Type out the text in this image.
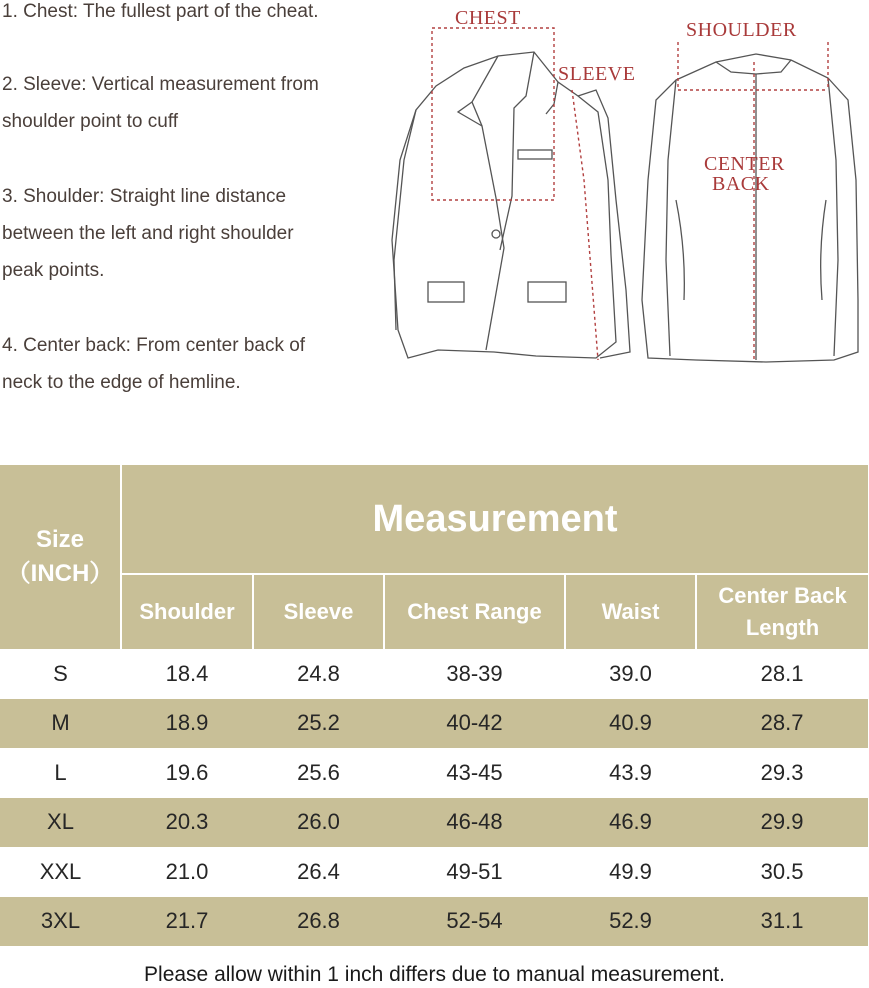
1. Chest: The fullest part of the cheat.
2. Sleeve: Vertical measurement from
shoulder point to cuff
3. Shoulder: Straight line distance
between the left and right shoulder
peak points.
4. Center back: From center back of
neck to the edge of hemline.
CHEST
SLEEVE
SHOULDER
CENTER
BACK
Size
（INCH）	Measurement				
	Shoulder	Sleeve	Chest Range	Waist	Center Back Length
S	18.4	24.8	38-39	39.0	28.1
M	18.9	25.2	40-42	40.9	28.7
L	19.6	25.6	43-45	43.9	29.3
XL	20.3	26.0	46-48	46.9	29.9
XXL	21.0	26.4	49-51	49.9	30.5
3XL	21.7	26.8	52-54	52.9	31.1
Please allow within 1 inch differs due to manual measurement.
